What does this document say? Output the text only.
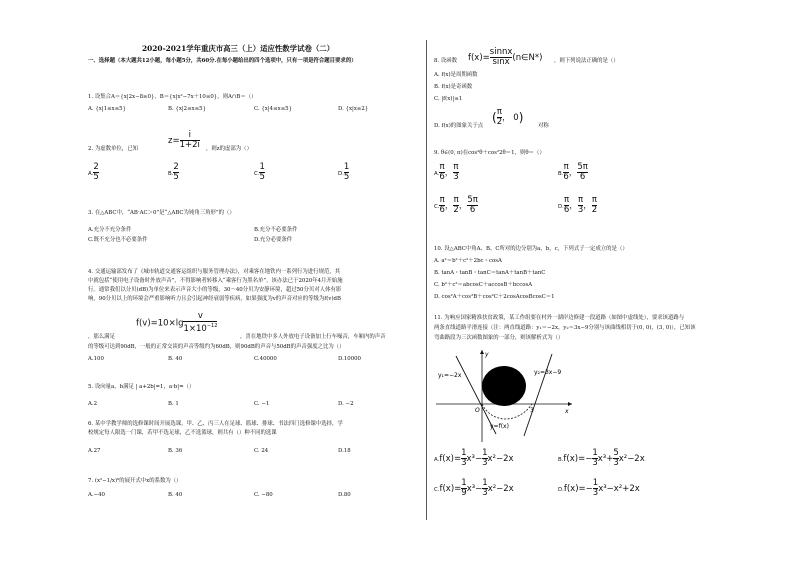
2020-2021学年重庆市高三（上）适应性数学试卷（二）
一、选择题（本大题共12小题，每小题5分，共60分.在每小题给出的四个选项中，只有一项是符合题目要求的）
1. 设集合A＝{x|2x−8≥0}，B＝{x|x²−7x＋10≤0}，则A∩B＝（）
A. {x|1≤x≤5}	B. {x|2≤x≤5}	C. {x|4≤x≤5}	D. {x|x≥2}
2. 为虚数单位，已知
$z= \frac{i}{1+2i}$ ，则z的虚部为（）
A. $\frac{2}{5}$	B. $\frac{2}{5}$	C. $\frac{1}{5}$	D. $\frac{1}{5}$
3. 在△ABC中，“AB·AC＞0”是“△ABC为钝角三角形”的（）
A.充分不充分条件	B.充分不必要条件
C.既不充分也不必要条件	D.充分必要条件
4. 交通运输部发布了《城市轨道交通客运组织与服务管理办法》，对乘客在地铁内一系列行为进行规范，其
中就包括“使用电子设备时外放声音”，不得影响者转移入“乘客行为黑名单”，该办法已于2020年4月开始施
行。通常我们以分贝(dB)为单位来表示声音大小的等级，30～40分贝为安静环境，超过50分贝对人体有影
响，90分贝以上的环境会严重影响听力且会引起神经衰弱等疾病，如果强度为v的声音对应的等级为f(v)dB
$f(v)=10\times\lg \frac{v}{1\times 10^{-12}}$
，那么满足	，喜在地铁中多人外放电子设备加上行车噪音，车厢内的声音
的等级可达到90dB，一般的正常交谈的声音等级约为60dB，则90dB的声音与50dB的声音强度之比为（）
A.100	B. 40	C.40000	D.10000
5. 设向量a，b满足 | a+2b|=1，a·b|=（）
A.2	B. 1	C. −1	D. −2
6. 某中学教学师的选修课时间开展选课，甲、乙、丙三人在足球、篮球、排球、书法四门选修课中选择，学
校规定每人限选一门课，若甲不选足球，乙不选篮球，则共有（）种不同的选课
A.27	B. 36	C. 24	D.18
7. (x²−1/x)⁶的展开式中x的系数为（）
A.−40	B. 40	C. −80	D.80
8. 设函数 $f(x)= \frac{\text{sinnx}}{\sin x}$ (n∈N*) ，则下列说法正确的是（）
A. f(x)是周期函数
B. f(x)是奇函数
C. |f(x)|≤1
D. f(x)的图象关于点
( $\frac{\pi}{2}$ ， 0)
对称
9. θ∈(0, π)在cos²θ＋cos²2θ＝1，则θ＝（）
A. $\frac{\pi}{6}$ ， $\frac{\pi}{3}$	B. $\frac{\pi}{6}$ ， $\frac{5\pi}{6}$
C. $\frac{\pi}{6}$ ， $\frac{\pi}{2}$ ， $\frac{5\pi}{6}$	D. $\frac{\pi}{6}$ ， $\frac{\pi}{3}$ ， $\frac{\pi}{2}$
10. 设△ABC中角A、B、C所对的边分别为a，b，c，下列式子一定成立的是（）
A. a²＝b²＋c²＋2bc・cosA
B. tanA・tanB・tanC＝tanA＋tanB＋tanC
C. b²＋c²＝abcosC＋accosB＋bccosA
D. cos²A＋cos²B＋cos²C＋2cosAcosBcosC＝1
11. 为响应国家精准扶贫政策，某工作组要在村外一湖岸边修建一段道路（如图中虚线处），要求该道路与
两条直线道路平滑连接（注：两直线道路：y₁＝−2x，y₂＝3x−9分别与该曲线相切于(0, 0)，(3, 0)），已知该
弯曲路段为三次函数图象的一部分，则该解析式为（）
y₁=−2x	y₂=3x−9
y
x
O	3
y=f(x)
$A.f(x)= \frac{1}{3} x^3- \frac{1}{3} x^2-2x$	$B.f(x)=- \frac{1}{3} x^3+ \frac{5}{3} x^2-2x$
$C.f(x)= \frac{1}{9} x^3- \frac{1}{3} x^2-2x$	$D.f(x)=- \frac{1}{3} x^3-x^2+2x$
